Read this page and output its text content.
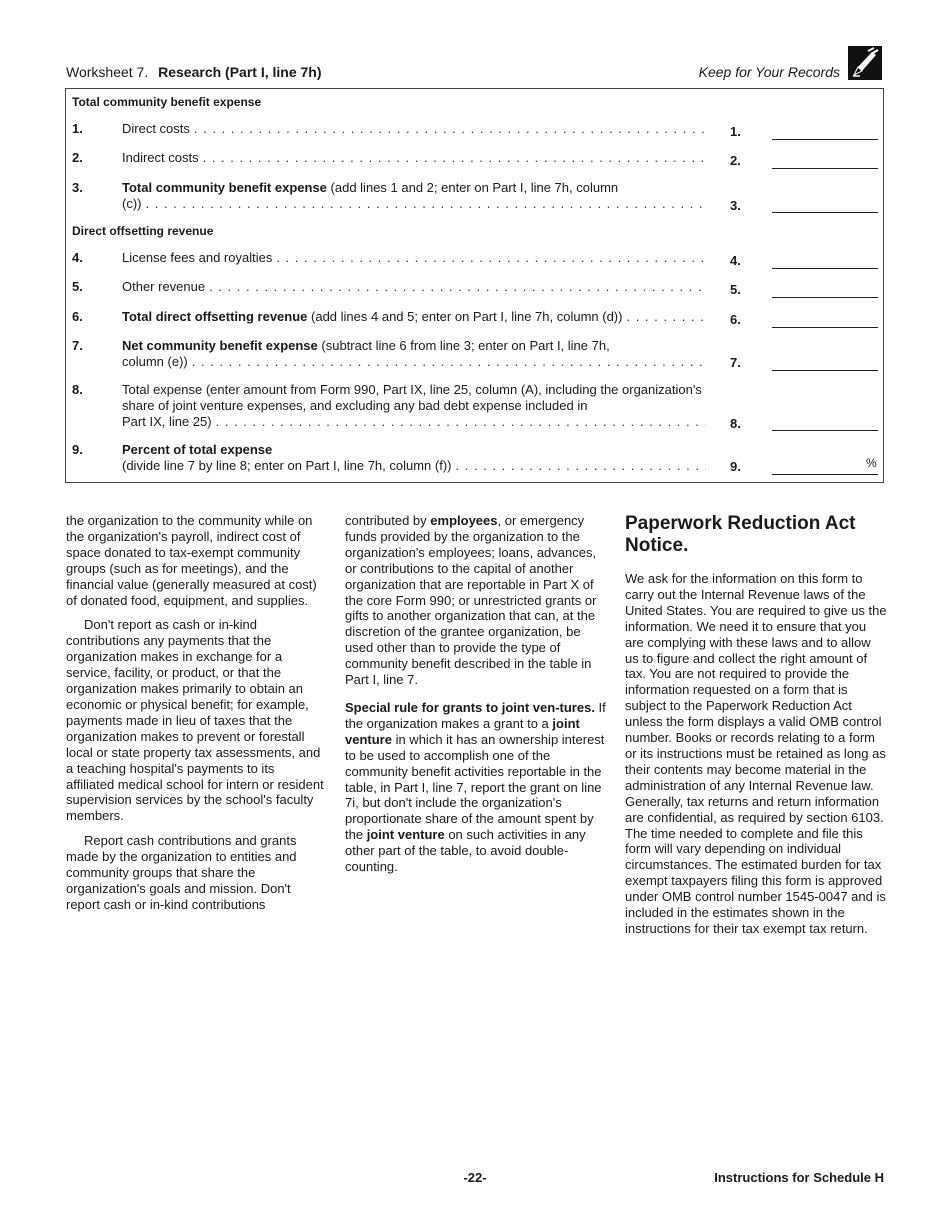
Worksheet 7. Research (Part I, line 7h)	Keep for Your Records
Total community benefit expense
1.	Direct costs . . .	1.
2.	Indirect costs . . .	2.
3.	Total community benefit expense (add lines 1 and 2; enter on Part I, line 7h, column
(c)) . . .	3.
Direct offsetting revenue
4.	License fees and royalties . . .	4.
5.	Other revenue . . .	5.
6.	Total direct offsetting revenue (add lines 4 and 5; enter on Part I, line 7h, column (d)) . . .	6.
7.	Net community benefit expense (subtract line 6 from line 3; enter on Part I, line 7h,
column (e)) . . .	7.
8.	Total expense (enter amount from Form 990, Part IX, line 25, column (A), including the organization's share of joint venture expenses, and excluding any bad debt expense included in
Part IX, line 25) . . .	8.
9.	Percent of total expense
(divide line 7 by line 8; enter on Part I, line 7h, column (f)) . . .	9.	%

the organization to the community while on the organization's payroll, indirect cost of space donated to tax-exempt community groups (such as for meetings), and the financial value (generally measured at cost) of donated food, equipment, and supplies.

Don't report as cash or in-kind contributions any payments that the organization makes in exchange for a service, facility, or product, or that the organization makes primarily to obtain an economic or physical benefit; for example, payments made in lieu of taxes that the organization makes to prevent or forestall local or state property tax assessments, and a teaching hospital's payments to its affiliated medical school for intern or resident supervision services by the school's faculty members.

Report cash contributions and grants made by the organization to entities and community groups that share the organization's goals and mission. Don't report cash or in-kind contributions

contributed by employees, or emergency funds provided by the organization to the organization's employees; loans, advances, or contributions to the capital of another organization that are reportable in Part X of the core Form 990; or unrestricted grants or gifts to another organization that can, at the discretion of the grantee organization, be used other than to provide the type of community benefit described in the table in Part I, line 7.

Special rule for grants to joint ven-tures. If the organization makes a grant to a joint venture in which it has an ownership interest to be used to accomplish one of the community benefit activities reportable in the table, in Part I, line 7, report the grant on line 7i, but don't include the organization's proportionate share of the amount spent by the joint venture on such activities in any other part of the table, to avoid double-counting.

Paperwork Reduction Act Notice.

We ask for the information on this form to carry out the Internal Revenue laws of the United States. You are required to give us the information. We need it to ensure that you are complying with these laws and to allow us to figure and collect the right amount of tax. You are not required to provide the information requested on a form that is subject to the Paperwork Reduction Act unless the form displays a valid OMB control number. Books or records relating to a form or its instructions must be retained as long as their contents may become material in the administration of any Internal Revenue law. Generally, tax returns and return information are confidential, as required by section 6103. The time needed to complete and file this form will vary depending on individual circumstances. The estimated burden for tax exempt taxpayers filing this form is approved under OMB control number 1545-0047 and is included in the estimates shown in the instructions for their tax exempt tax return.

-22-	Instructions for Schedule H
